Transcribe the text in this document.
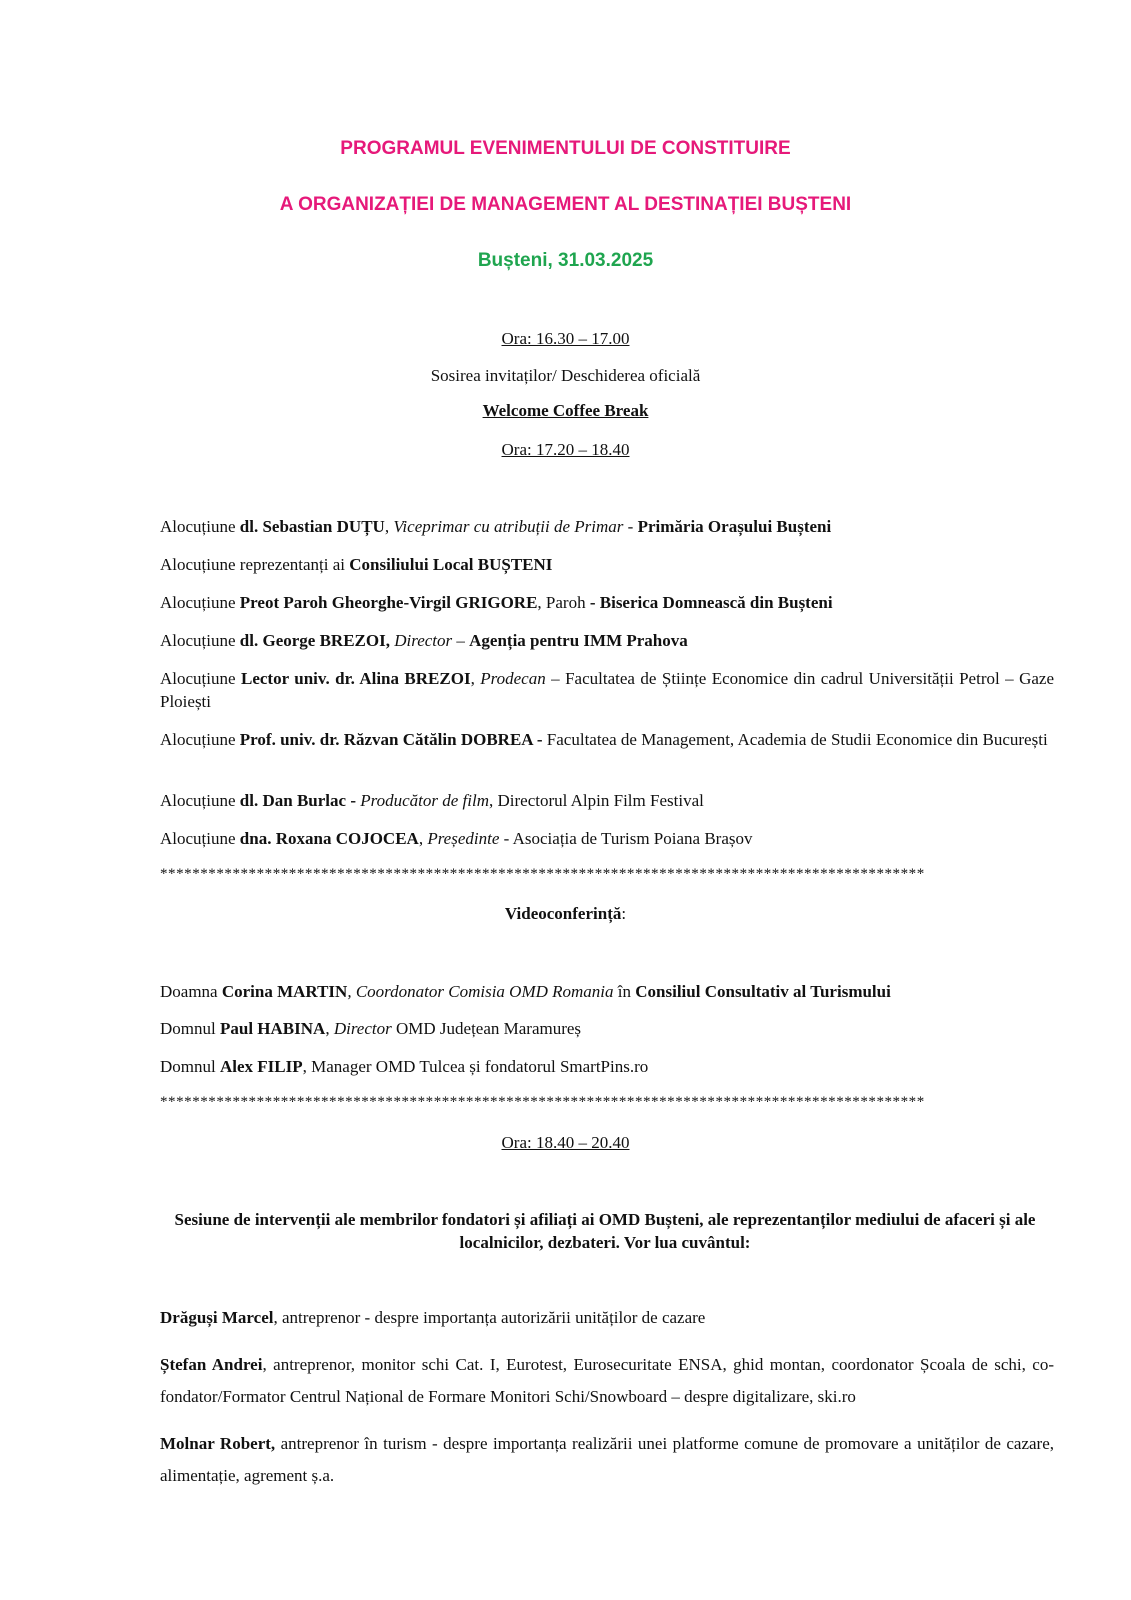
PROGRAMUL EVENIMENTULUI DE CONSTITUIRE
A ORGANIZAȚIEI DE MANAGEMENT AL DESTINAȚIEI BUȘTENI
Bușteni, 31.03.2025
Ora: 16.30 – 17.00
Sosirea invitaților/ Deschiderea oficială
Welcome Coffee Break
Ora: 17.20 – 18.40
Alocuțiune dl. Sebastian DUȚU, Viceprimar cu atribuții de Primar - Primăria Orașului Bușteni
Alocuțiune reprezentanți ai Consiliului Local BUȘTENI
Alocuțiune Preot Paroh Gheorghe-Virgil GRIGORE, Paroh - Biserica Domnească din Bușteni
Alocuțiune dl. George BREZOI, Director – Agenția pentru IMM Prahova
Alocuțiune Lector univ. dr. Alina BREZOI, Prodecan – Facultatea de Științe Economice din cadrul Universității Petrol – Gaze Ploiești
Alocuțiune Prof. univ. dr. Răzvan Cătălin DOBREA - Facultatea de Management, Academia de Studii Economice din București
Alocuțiune dl. Dan Burlac - Producător de film, Directorul Alpin Film Festival
Alocuțiune dna. Roxana COJOCEA, Președinte - Asociația de Turism Poiana Brașov
***********************************************************************************************
Videoconferință:
Doamna Corina MARTIN, Coordonator Comisia OMD Romania în Consiliul Consultativ al Turismului
Domnul Paul HABINA, Director OMD Județean Maramureș
Domnul Alex FILIP, Manager OMD Tulcea și fondatorul SmartPins.ro
***********************************************************************************************
Ora: 18.40 – 20.40
Sesiune de intervenții ale membrilor fondatori și afiliați ai OMD Bușteni, ale reprezentanților mediului de afaceri și ale localnicilor, dezbateri. Vor lua cuvântul:
Drăguși Marcel, antreprenor - despre importanța autorizării unităților de cazare
Ștefan Andrei, antreprenor, monitor schi Cat. I, Eurotest, Eurosecuritate ENSA, ghid montan, coordonator Școala de schi, co-fondator/Formator Centrul Național de Formare Monitori Schi/Snowboard – despre digitalizare, ski.ro
Molnar Robert, antreprenor în turism - despre importanța realizării unei platforme comune de promovare a unităților de cazare, alimentație, agrement ș.a.
